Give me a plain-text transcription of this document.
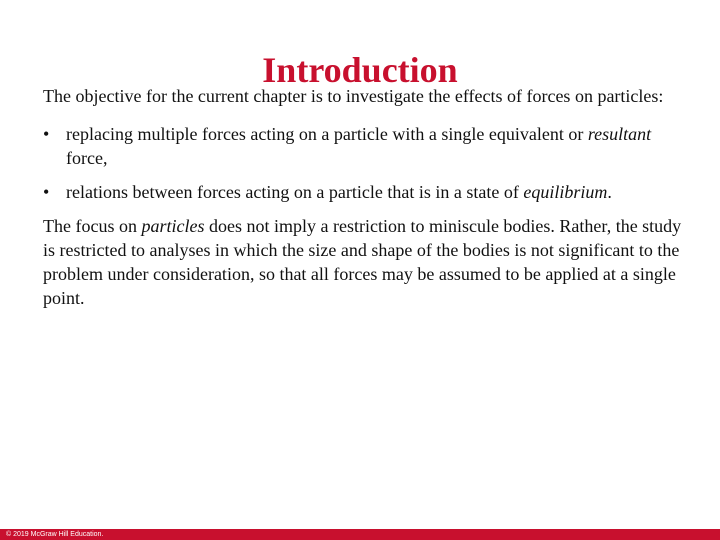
Introduction

The objective for the current chapter is to investigate the effects of forces on particles:

• replacing multiple forces acting on a particle with a single equivalent or resultant force,
• relations between forces acting on a particle that is in a state of equilibrium.

The focus on particles does not imply a restriction to miniscule bodies. Rather, the study is restricted to analyses in which the size and shape of the bodies is not significant to the problem under consideration, so that all forces may be assumed to be applied at a single point.

© 2019 McGraw Hill Education.
